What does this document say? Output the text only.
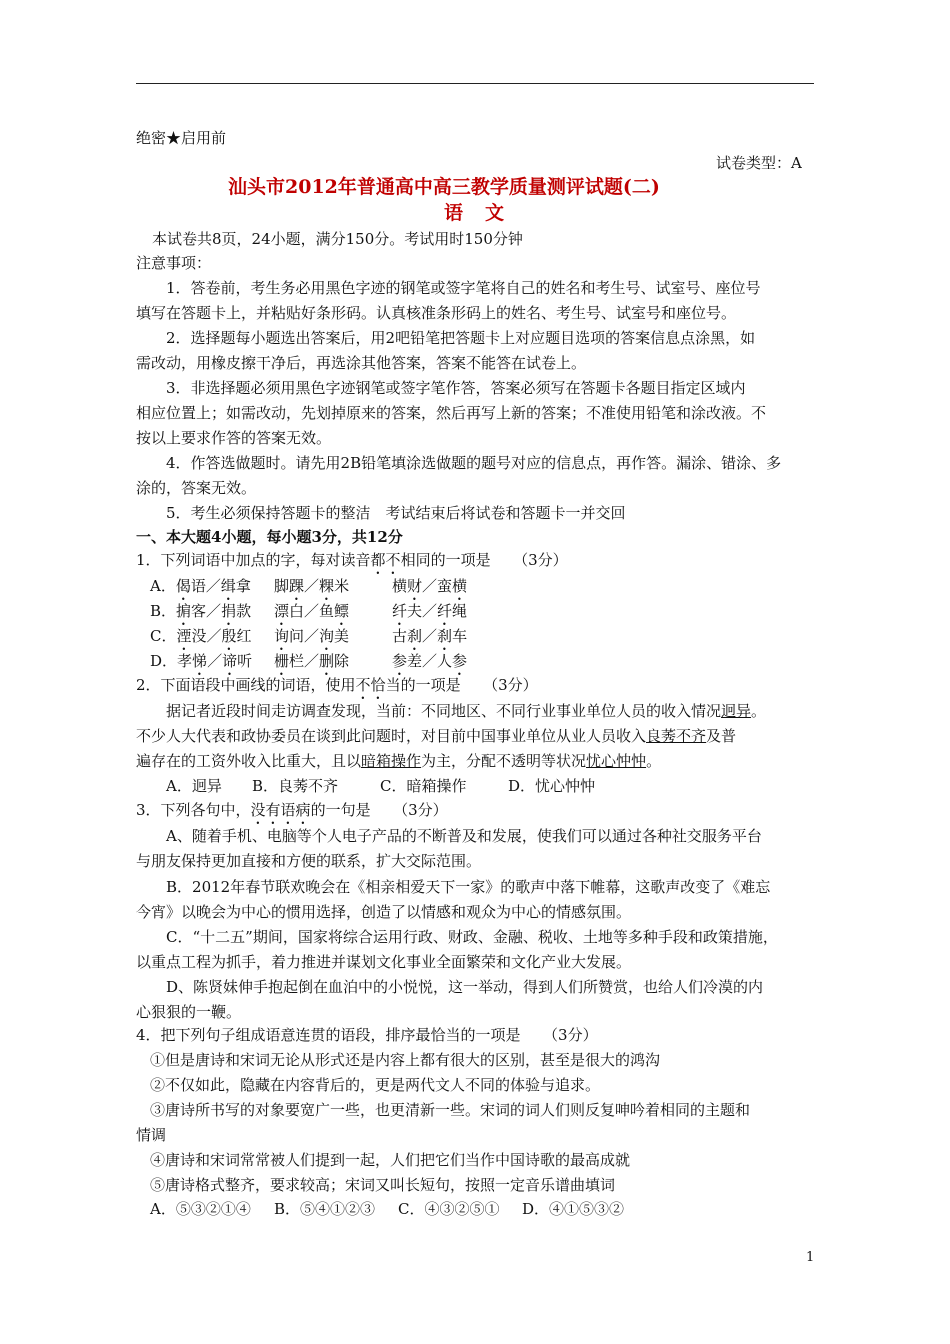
绝密★启用前
试卷类型：A
汕头市2012年普通高中高三教学质量测评试题(二)
语文
本试卷共8页，24小题，满分150分。考试用时150分钟
注意事项：
1．答卷前，考生务必用黑色字迹的钢笔或签字笔将自己的姓名和考生号、试室号、座位号
填写在答题卡上，并粘贴好条形码。认真核准条形码上的姓名、考生号、试室号和座位号。
2．选择题每小题选出答案后，用2吧铅笔把答题卡上对应题目选项的答案信息点涂黑，如
需改动，用橡皮擦干净后，再选涂其他答案，答案不能答在试卷上。
3．非选择题必须用黑色字迹钢笔或签字笔作答，答案必须写在答题卡各题目指定区域内
相应位置上；如需改动，先划掉原来的答案，然后再写上新的答案；不准使用铅笔和涂改液。不
按以上要求作答的答案无效。
4．作答选做题时。请先用2B铅笔填涂选做题的题号对应的信息点，再作答。漏涂、错涂、多
涂的，答案无效。
5．考生必须保持答题卡的整洁　考试结束后将试卷和答题卡一并交回
一、本大题4小题，每小题3分，共12分
1．下列词语中加点的字，每对读音都不相同的一项是　　（3分）
A．偈语／缉拿 脚踝／粿米	横财／蛮横
B．掮客／捐款 漂白／鱼鳔	纤夫／纤绳
C．湮没／殷红 询问／洵美	古刹／刹车
D．孝悌／谛听 栅栏／删除	参差／人参
2．下面语段中画线的词语，使用不恰当的一项是　　（3分）
据记者近段时间走访调查发现，当前：不同地区、不同行业事业单位人员的收入情况迥异。
不少人大代表和政协委员在谈到此问题时，对目前中国事业单位从业人员收入良莠不齐及普
遍存在的工资外收入比重大，且以暗箱操作为主，分配不透明等状况忧心忡忡。
A．迥异 B．良莠不齐	C．暗箱操作	D．忧心忡忡
3．下列各句中，没有语病的一句是　　（3分）
A、随着手机、电脑等个人电子产品的不断普及和发展，使我们可以通过各种社交服务平台
与朋友保持更加直接和方便的联系，扩大交际范围。
B．2012年春节联欢晚会在《相亲相爱天下一家》的歌声中落下帷幕，这歌声改变了《难忘
今宵》以晚会为中心的惯用选择，创造了以情感和观众为中心的情感氛围。
C．“十二五”期间，国家将综合运用行政、财政、金融、税收、土地等多种手段和政策措施，
以重点工程为抓手，着力推进并谋划文化事业全面繁荣和文化产业大发展。
D、陈贤妹伸手抱起倒在血泊中的小悦悦，这一举动，得到人们所赞赏，也给人们冷漠的内
心狠狠的一鞭。
4．把下列句子组成语意连贯的语段，排序最恰当的一项是　　（3分）
①但是唐诗和宋词无论从形式还是内容上都有很大的区别，甚至是很大的鸿沟
②不仅如此，隐藏在内容背后的，更是两代文人不同的体验与追求。
③唐诗所书写的对象要宽广一些，也更清新一些。宋词的词人们则反复呻吟着相同的主题和
情调
④唐诗和宋词常常被人们提到一起，人们把它们当作中国诗歌的最高成就
⑤唐诗格式整齐，要求较高；宋词又叫长短句，按照一定音乐谱曲填词
A．⑤③②①④ B．⑤④①②③ C．④③②⑤① D．④①⑤③②
1
